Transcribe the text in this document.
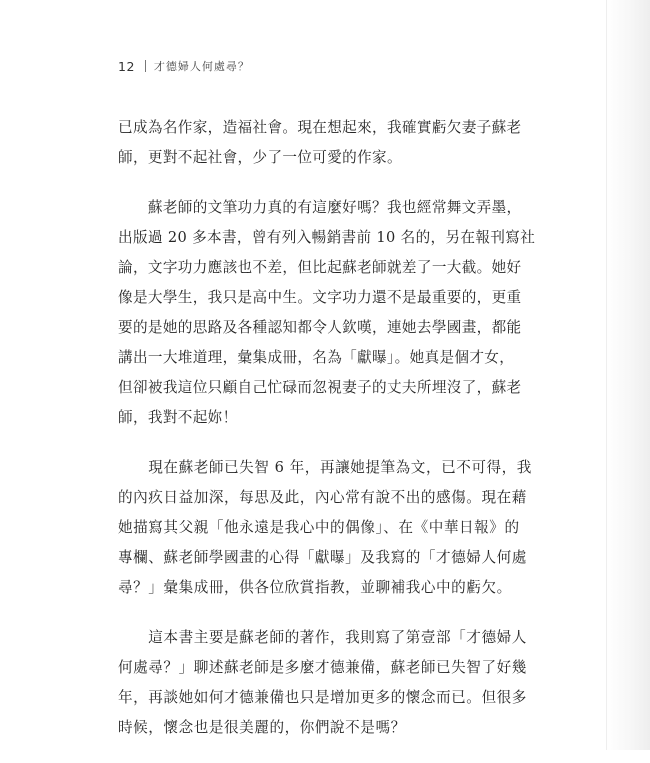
12 才德婦人何處尋？
已成為名作家，造福社會。現在想起來，我確實虧欠妻子蘇老
師，更對不起社會，少了一位可愛的作家。
　　蘇老師的文筆功力真的有這麼好嗎？我也經常舞文弄墨，
出版過 20 多本書，曾有列入暢銷書前 10 名的，另在報刊寫社
論，文字功力應該也不差，但比起蘇老師就差了一大截。她好
像是大學生，我只是高中生。文字功力還不是最重要的，更重
要的是她的思路及各種認知都令人欽嘆，連她去學國畫，都能
講出一大堆道理，彙集成冊，名為「獻曝」。她真是個才女，
但卻被我這位只顧自己忙碌而忽視妻子的丈夫所埋沒了，蘇老
師，我對不起妳！
　　現在蘇老師已失智 6 年，再讓她提筆為文，已不可得，我
的內疚日益加深，每思及此，內心常有說不出的感傷。現在藉
她描寫其父親「他永遠是我心中的偶像」、在《中華日報》的
專欄、蘇老師學國畫的心得「獻曝」及我寫的「才德婦人何處
尋？」彙集成冊，供各位欣賞指教，並聊補我心中的虧欠。
　　這本書主要是蘇老師的著作，我則寫了第壹部「才德婦人
何處尋？」聊述蘇老師是多麼才德兼備，蘇老師已失智了好幾
年，再談她如何才德兼備也只是增加更多的懷念而已。但很多
時候，懷念也是很美麗的，你們說不是嗎？
